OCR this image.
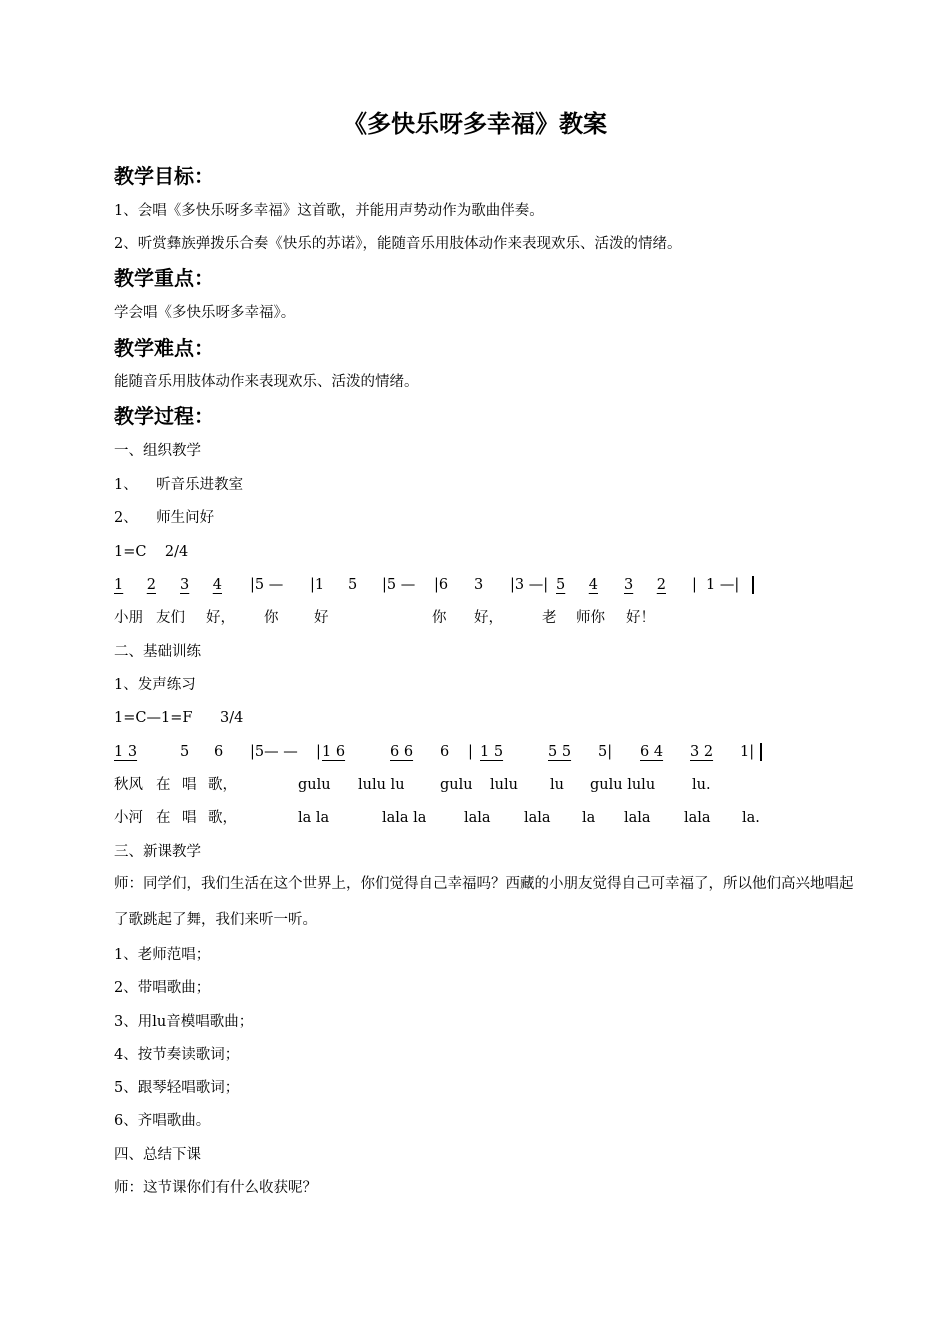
《多快乐呀多幸福》教案
教学目标：
1、会唱《多快乐呀多幸福》这首歌，并能用声势动作为歌曲伴奏。
2、听赏彝族弹拨乐合奏《快乐的苏诺》，能随音乐用肢体动作来表现欢乐、活泼的情绪。
教学重点：
学会唱《多快乐呀多幸福》。
教学难点：
能随音乐用肢体动作来表现欢乐、活泼的情绪。
教学过程：
一、组织教学
1、    听音乐进教室
2、    师生问好
1=C    2/4
1	2 3	4 |5 — |1 5 |5 — |6 3 |3 —| 5	4 3	2 | 1 —|
小朋 友们 好， 你 好	你 好，	老 师你 好！
二、基础训练
1、发声练习
1=C—1=F      3/4
1 3	5 6 |5— — | 1 6	6 6 6 | 1 5	5 5 5| 6 4 3 2 1|
秋风 在 唱 歌，	gulu lulu lu gulu lulu lu gulu lulu	lu.
小河 在 唱 歌，	la la	lala la	lala lala la lala lala la.
三、新课教学
师：同学们，我们生活在这个世界上，你们觉得自己幸福吗？西藏的小朋友觉得自己可幸福了，所以他们高兴地唱起了歌跳起了舞，我们来听一听。
1、老师范唱；
2、带唱歌曲；
3、用lu音模唱歌曲；
4、按节奏读歌词；
5、跟琴轻唱歌词；
6、齐唱歌曲。
四、总结下课
师：这节课你们有什么收获呢？
